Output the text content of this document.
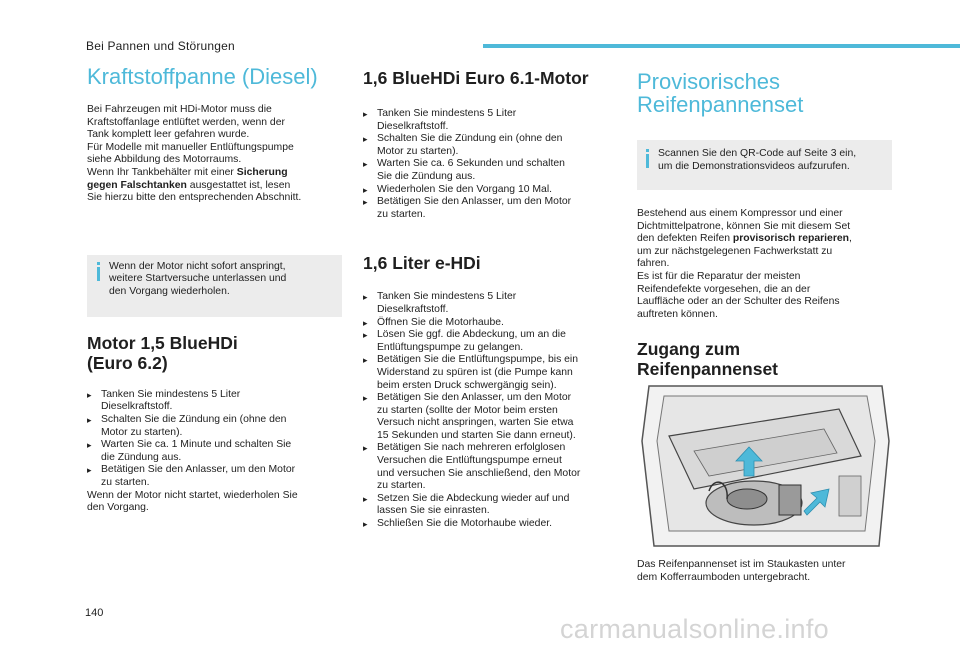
Bei Pannen und Störungen
Kraftstoffpanne (Diesel)

Bei Fahrzeugen mit HDi-Motor muss die
Kraftstoffanlage entlüftet werden, wenn der
Tank komplett leer gefahren wurde.
Für Modelle mit manueller Entlüftungspumpe
siehe Abbildung des Motorraums.
Wenn Ihr Tankbehälter mit einer Sicherung
gegen Falschtanken ausgestattet ist, lesen
Sie hierzu bitte den entsprechenden Abschnitt.

Wenn der Motor nicht sofort anspringt,
weitere Startversuche unterlassen und
den Vorgang wiederholen.
Motor 1,5 BlueHDi
(Euro 6.2)
▸ Tanken Sie mindestens 5 Liter
Dieselkraftstoff.
▸ Schalten Sie die Zündung ein (ohne den
Motor zu starten).
▸ Warten Sie ca. 1 Minute und schalten Sie
die Zündung aus.
▸ Betätigen Sie den Anlasser, um den Motor
zu starten.

Wenn der Motor nicht startet, wiederholen Sie
den Vorgang.

1,6 BlueHDi Euro 6.1-Motor
▸ Tanken Sie mindestens 5 Liter
Dieselkraftstoff.
▸ Schalten Sie die Zündung ein (ohne den
Motor zu starten).
▸ Warten Sie ca. 6 Sekunden und schalten
Sie die Zündung aus.
▸ Wiederholen Sie den Vorgang 10 Mal.
▸ Betätigen Sie den Anlasser, um den Motor
zu starten.
1,6 Liter e-HDi
▸ Tanken Sie mindestens 5 Liter
Dieselkraftstoff.
▸ Öffnen Sie die Motorhaube.
▸ Lösen Sie ggf. die Abdeckung, um an die
Entlüftungspumpe zu gelangen.
▸ Betätigen Sie die Entlüftungspumpe, bis ein
Widerstand zu spüren ist (die Pumpe kann
beim ersten Druck schwergängig sein).
▸ Betätigen Sie den Anlasser, um den Motor
zu starten (sollte der Motor beim ersten
Versuch nicht anspringen, warten Sie etwa
15 Sekunden und starten Sie dann erneut).
▸ Betätigen Sie nach mehreren erfolglosen
Versuchen die Entlüftungspumpe erneut
und versuchen Sie anschließend, den Motor
zu starten.
▸ Setzen Sie die Abdeckung wieder auf und
lassen Sie sie einrasten.
▸ Schließen Sie die Motorhaube wieder.
Provisorisches
Reifenpannenset
Scannen Sie den QR-Code auf Seite 3 ein,
um die Demonstrationsvideos aufzurufen.

Bestehend aus einem Kompressor und einer
Dichtmittelpatrone, können Sie mit diesem Set
den defekten Reifen provisorisch reparieren,
um zur nächstgelegenen Fachwerkstatt zu
fahren.
Es ist für die Reparatur der meisten
Reifendefekte vorgesehen, die an der
Lauffläche oder an der Schulter des Reifens
auftreten können.

Zugang zum
Reifenpannenset

Das Reifenpannenset ist im Staukasten unter
dem Kofferraumboden untergebracht.

140
carmanualsonline.info
